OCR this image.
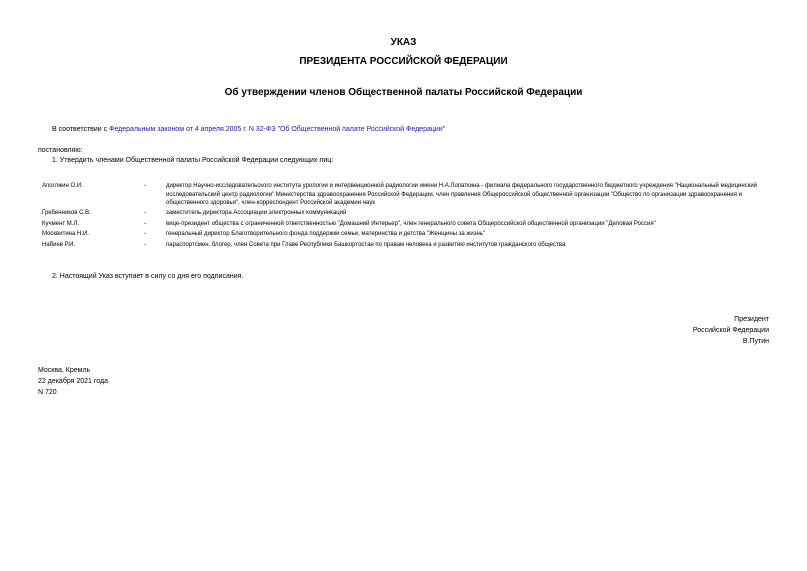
УКАЗ
ПРЕЗИДЕНТА РОССИЙСКОЙ ФЕДЕРАЦИИ
Об утверждении членов Общественной палаты Российской Федерации
В соответствии с Федеральным законом от 4 апреля 2005 г. N 32-ФЗ "Об Общественной палате Российской Федерации"
постановляю:
1. Утвердить членами Общественной палаты Российской Федерации следующих лиц:
Апоглжин О.И.	-	директор Научно-исследовательского института урологии и интервенционной радиологии имени Н.А.Лопаткина - филиала федерального государственного бюджетного учреждения "Национальный медицинский исследовательский центр радиологии" Министерства здравоохранения Российской Федерации, член правления Общероссийской общественной организации "Общество по организации здравоохранения и общественного здоровья", член-корреспондент Российской академии наук
Гребенников С.В.	-	заместитель директора Ассоциации электронных коммуникаций
Кучмент М.Л.	-	вице-президент общества с ограниченной ответственностью "Домашний Интерьер", член генерального совета Общероссийской общественной организации "Деловая Россия"
Москвитина Н.И.	-	генеральный директор Благотворительного фонда поддержки семьи, материнства и детства "Женщины за жизнь"
Набиев Р.И.	-	параспортсмен, блогер, член Совета при Главе Республики Башкортостан по правам человека и развитию институтов гражданского общества.
2. Настоящий Указ вступает в силу со дня его подписания.
Президент
Российской Федерации
В.Путин
Москва, Кремль
22 декабря 2021 года
N 720
